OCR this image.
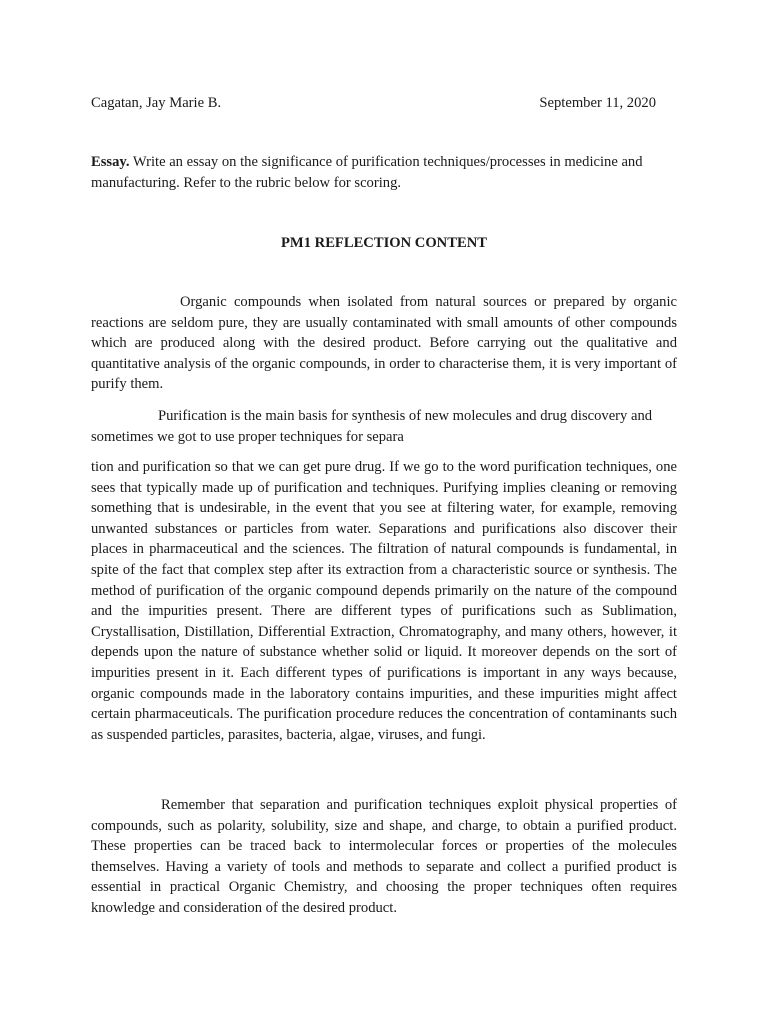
Cagatan, Jay Marie B.	September 11, 2020
Essay. Write an essay on the significance of purification techniques/processes in medicine and manufacturing. Refer to the rubric below for scoring.
PM1 REFLECTION CONTENT

Organic compounds when isolated from natural sources or prepared by organic reactions are seldom pure, they are usually contaminated with small amounts of other compounds which are produced along with the desired product. Before carrying out the qualitative and quantitative analysis of the organic compounds, in order to characterise them, it is very important of purify them.

Purification is the main basis for synthesis of new molecules and drug discovery and sometimes we got to use proper techniques for separa

tion and purification so that we can get pure drug. If we go to the word purification techniques, one sees that typically made up of purification and techniques. Purifying implies cleaning or removing something that is undesirable, in the event that you see at filtering water, for example, removing unwanted substances or particles from water. Separations and purifications also discover their places in pharmaceutical and the sciences. The filtration of natural compounds is fundamental, in spite of the fact that complex step after its extraction from a characteristic source or synthesis. The method of purification of the organic compound depends primarily on the nature of the compound and the impurities present. There are different types of purifications such as Sublimation, Crystallisation, Distillation, Differential Extraction, Chromatography, and many others, however, it depends upon the nature of substance whether solid or liquid. It moreover depends on the sort of impurities present in it. Each different types of purifications is important in any ways because, organic compounds made in the laboratory contains impurities, and these impurities might affect certain pharmaceuticals. The purification procedure reduces the concentration of contaminants such as suspended particles, parasites, bacteria, algae, viruses, and fungi.

Remember that separation and purification techniques exploit physical properties of compounds, such as polarity, solubility, size and shape, and charge, to obtain a purified product. These properties can be traced back to intermolecular forces or properties of the molecules themselves. Having a variety of tools and methods to separate and collect a purified product is essential in practical Organic Chemistry, and choosing the proper techniques often requires knowledge and consideration of the desired product.
